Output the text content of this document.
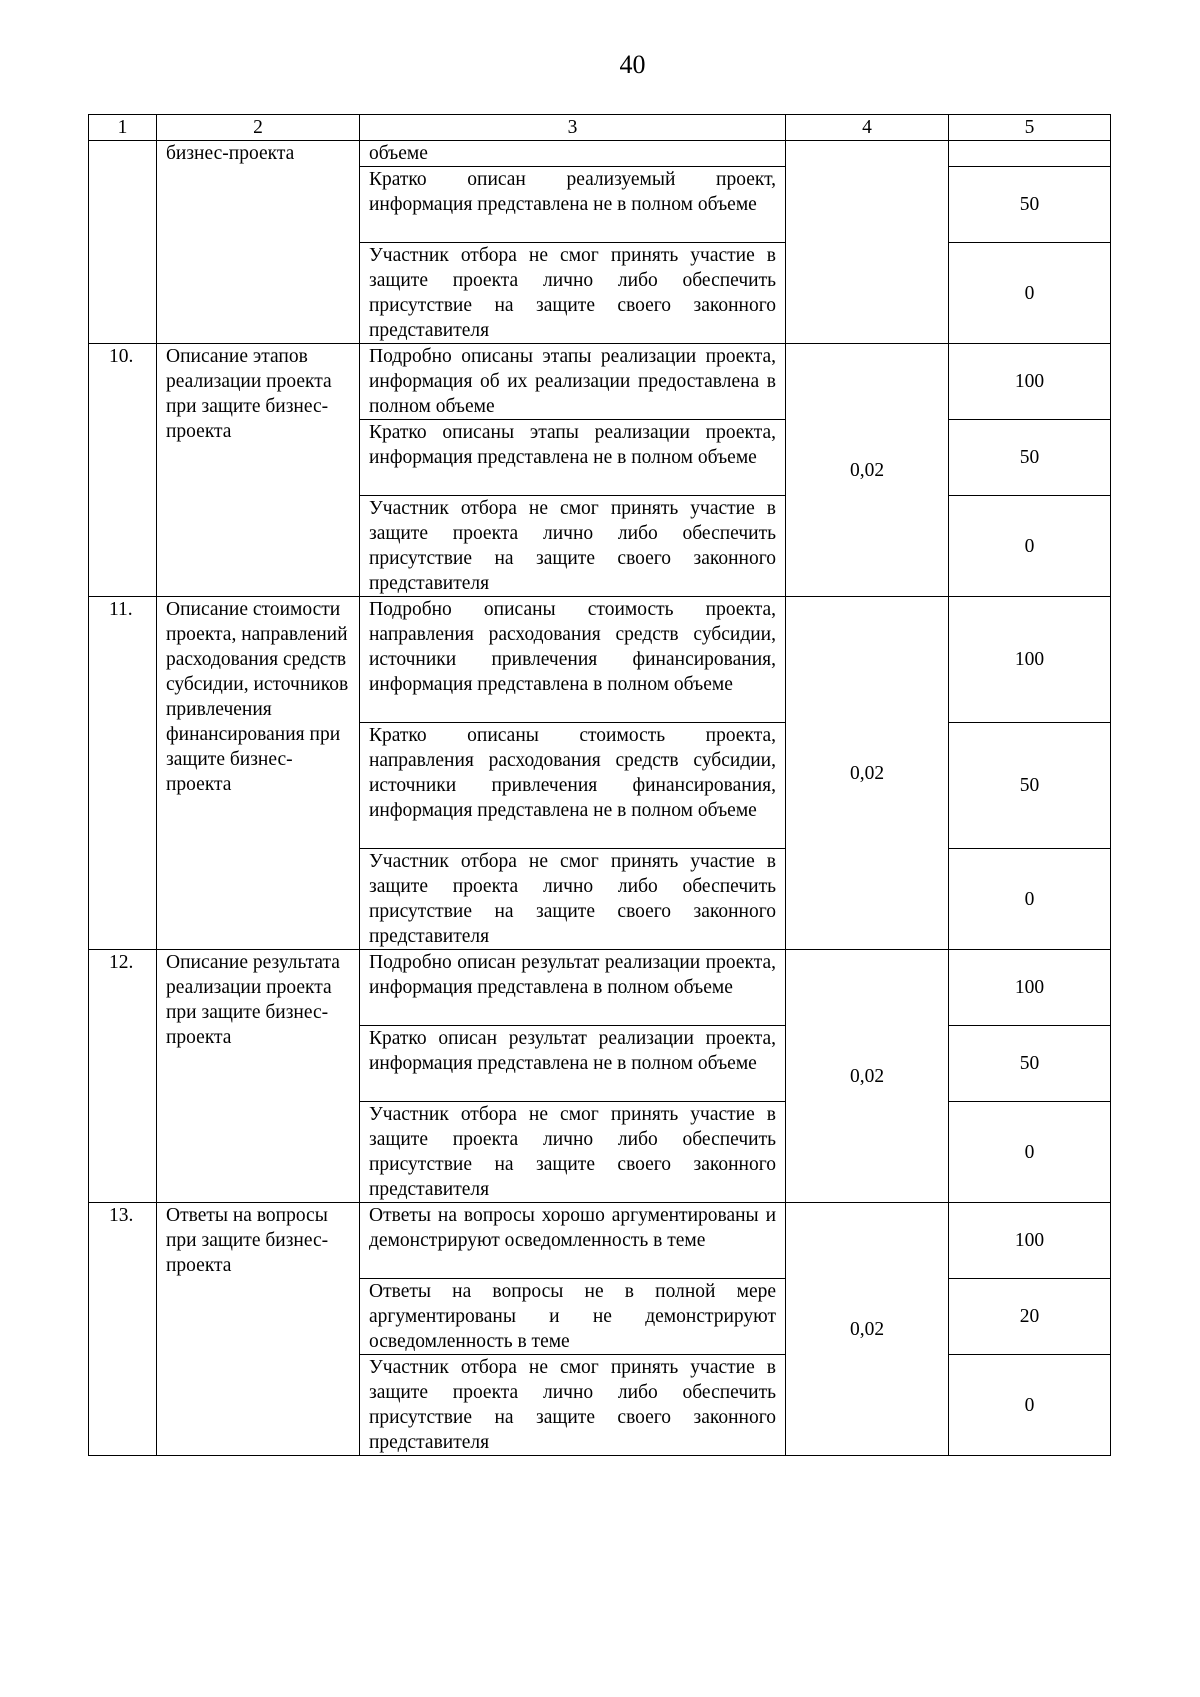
40
1	2	3	4	5
	бизнес-проекта	объеме		
		Кратко описан реализуемый проект, информация представлена не в полном объеме		50
		Участник отбора не смог принять участие в защите проекта лично либо обеспечить присутствие на защите своего законного представителя		0
10.	Описание этапов реализации проекта при защите бизнес-проекта	Подробно описаны этапы реализации проекта, информация об их реализации предоставлена в полном объеме	0,02	100
		Кратко описаны этапы реализации проекта, информация представлена не в полном объеме		50
		Участник отбора не смог принять участие в защите проекта лично либо обеспечить присутствие на защите своего законного представителя		0
11.	Описание стоимости проекта, направлений расходования средств субсидии, источников привлечения финансирования при защите бизнес-проекта	Подробно описаны стоимость проекта, направления расходования средств субсидии, источники привлечения финансирования, информация представлена в полном объеме	0,02	100
		Кратко описаны стоимость проекта, направления расходования средств субсидии, источники привлечения финансирования, информация представлена не в полном объеме		50
		Участник отбора не смог принять участие в защите проекта лично либо обеспечить присутствие на защите своего законного представителя		0
12.	Описание результата реализации проекта при защите бизнес-проекта	Подробно описан результат реализации проекта, информация представлена в полном объеме	0,02	100
		Кратко описан результат реализации проекта, информация представлена не в полном объеме		50
		Участник отбора не смог принять участие в защите проекта лично либо обеспечить присутствие на защите своего законного представителя		0
13.	Ответы на вопросы при защите бизнес-проекта	Ответы на вопросы хорошо аргументированы и демонстрируют осведомленность в теме	0,02	100
		Ответы на вопросы не в полной мере аргументированы и не демонстрируют осведомленность в теме		20
		Участник отбора не смог принять участие в защите проекта лично либо обеспечить присутствие на защите своего законного представителя		0
